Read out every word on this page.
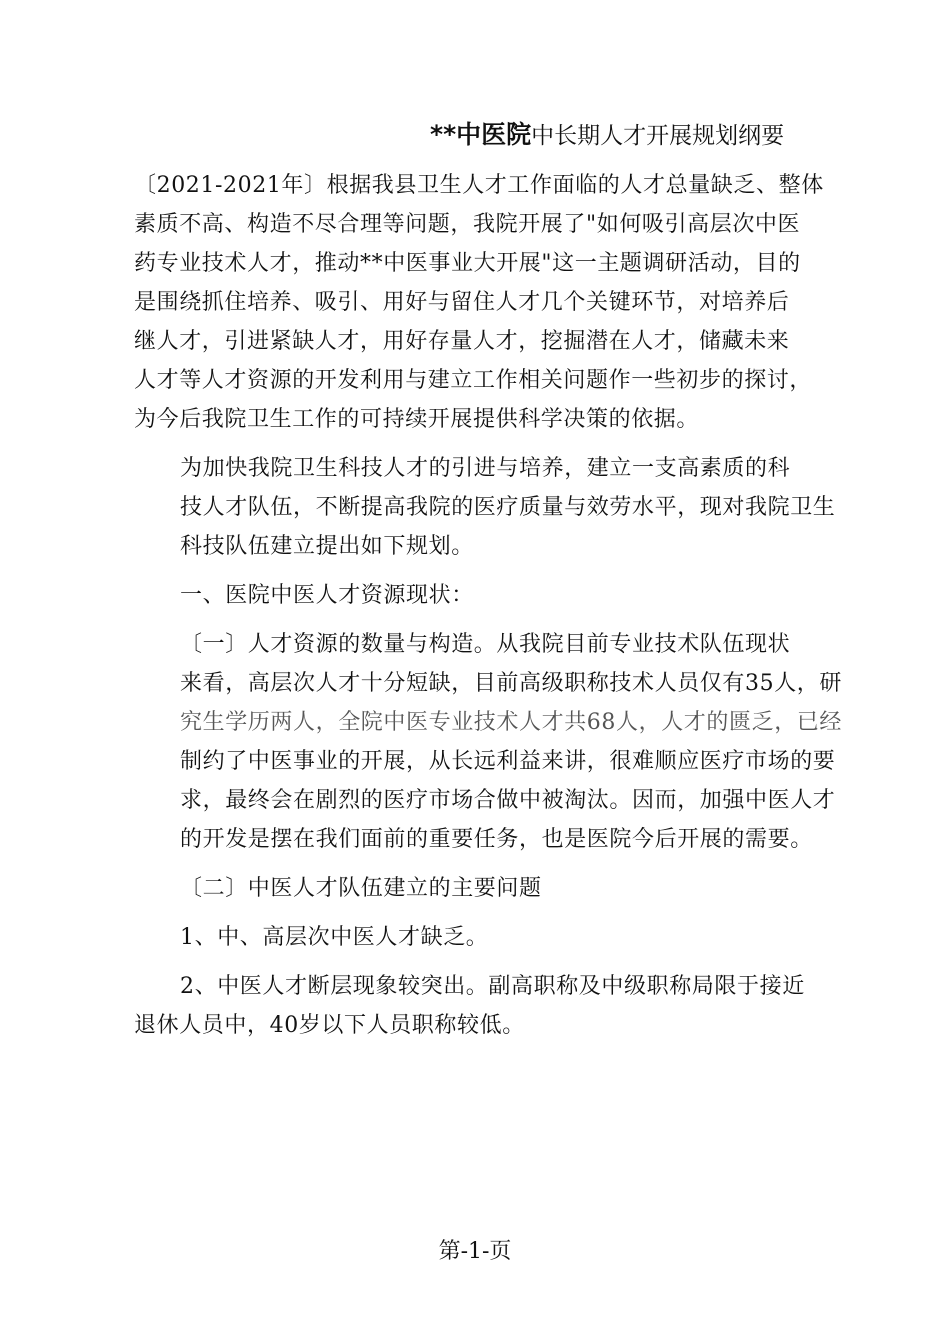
**中医院中长期人才开展规划纲要

〔2021-2021年〕根据我县卫生人才工作面临的人才总量缺乏、整体
素质不高、构造不尽合理等问题，我院开展了"如何吸引高层次中医
药专业技术人才，推动**中医事业大开展"这一主题调研活动，目的
是围绕抓住培养、吸引、用好与留住人才几个关键环节，对培养后
继人才，引进紧缺人才，用好存量人才，挖掘潜在人才，储藏未来
人才等人才资源的开发利用与建立工作相关问题作一些初步的探讨，
为今后我院卫生工作的可持续开展提供科学决策的依据。

为加快我院卫生科技人才的引进与培养，建立一支高素质的科
技人才队伍，不断提高我院的医疗质量与效劳水平，现对我院卫生
科技队伍建立提出如下规划。

一、医院中医人才资源现状：

〔一〕人才资源的数量与构造。从我院目前专业技术队伍现状
来看，高层次人才十分短缺，目前高级职称技术人员仅有35人，研
究生学历两人，全院中医专业技术人才共68人，人才的匮乏，已经
制约了中医事业的开展，从长远利益来讲，很难顺应医疗市场的要
求，最终会在剧烈的医疗市场合做中被淘汰。因而，加强中医人才
的开发是摆在我们面前的重要任务，也是医院今后开展的需要。

〔二〕中医人才队伍建立的主要问题

1、中、高层次中医人才缺乏。

2、中医人才断层现象较突出。副高职称及中级职称局限于接近
退休人员中，40岁以下人员职称较低。

第-1-页
